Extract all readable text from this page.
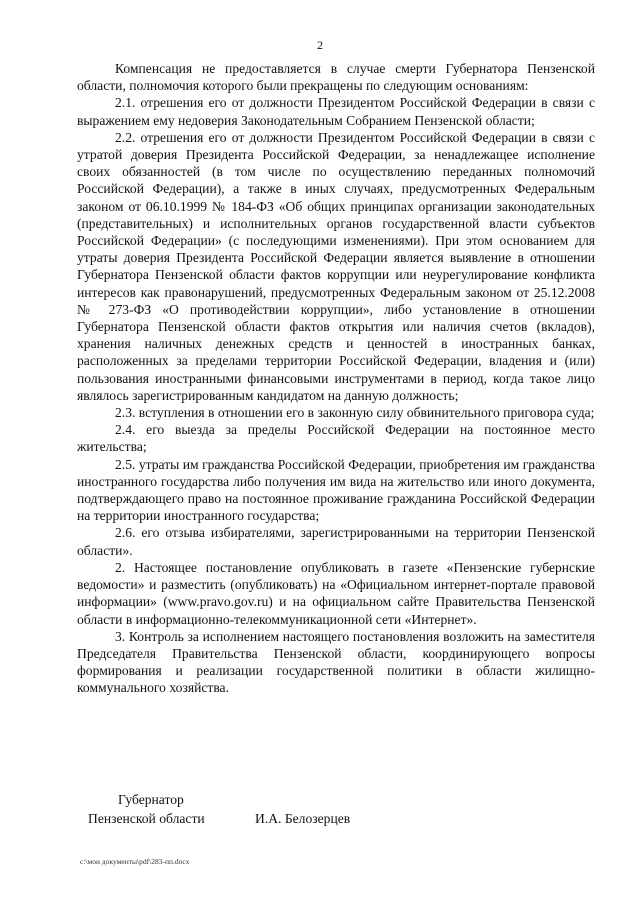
2

Компенсация не предоставляется в случае смерти Губернатора Пензенской области, полномочия которого были прекращены по следующим основаниям:

2.1. отрешения его от должности Президентом Российской Федерации в связи с выражением ему недоверия Законодательным Собранием Пензенской области;

2.2. отрешения его от должности Президентом Российской Федерации в связи с утратой доверия Президента Российской Федерации, за ненадлежащее исполнение своих обязанностей (в том числе по осуществлению переданных полномочий Российской Федерации), а также в иных случаях, предусмотренных Федеральным законом от 06.10.1999 № 184-ФЗ «Об общих принципах организации законодательных (представительных) и исполнительных органов государственной власти субъектов Российской Федерации» (с последующими изменениями). При этом основанием для утраты доверия Президента Российской Федерации является выявление в отношении Губернатора Пензенской области фактов коррупции или неурегулирование конфликта интересов как правонарушений, предусмотренных Федеральным законом от 25.12.2008 № 273-ФЗ «О противодействии коррупции», либо установление в отношении Губернатора Пензенской области фактов открытия или наличия счетов (вкладов), хранения наличных денежных средств и ценностей в иностранных банках, расположенных за пределами территории Российской Федерации, владения и (или) пользования иностранными финансовыми инструментами в период, когда такое лицо являлось зарегистрированным кандидатом на данную должность;

2.3. вступления в отношении его в законную силу обвинительного приговора суда;

2.4. его выезда за пределы Российской Федерации на постоянное место жительства;

2.5. утраты им гражданства Российской Федерации, приобретения им гражданства иностранного государства либо получения им вида на жительство или иного документа, подтверждающего право на постоянное проживание гражданина Российской Федерации на территории иностранного государства;

2.6. его отзыва избирателями, зарегистрированными на территории Пензенской области».

2. Настоящее постановление опубликовать в газете «Пензенские губернские ведомости» и разместить (опубликовать) на «Официальном интернет-портале правовой информации» (www.pravo.gov.ru) и на официальном сайте Правительства Пензенской области в информационно-телекоммуникационной сети «Интернет».

3. Контроль за исполнением настоящего постановления возложить на заместителя Председателя Правительства Пензенской области, координирующего вопросы формирования и реализации государственной политики в области жилищно-коммунального хозяйства.

Губернатор
Пензенской области	И.А. Белозерцев
c:\мои документы\pdf\283-пп.docx
